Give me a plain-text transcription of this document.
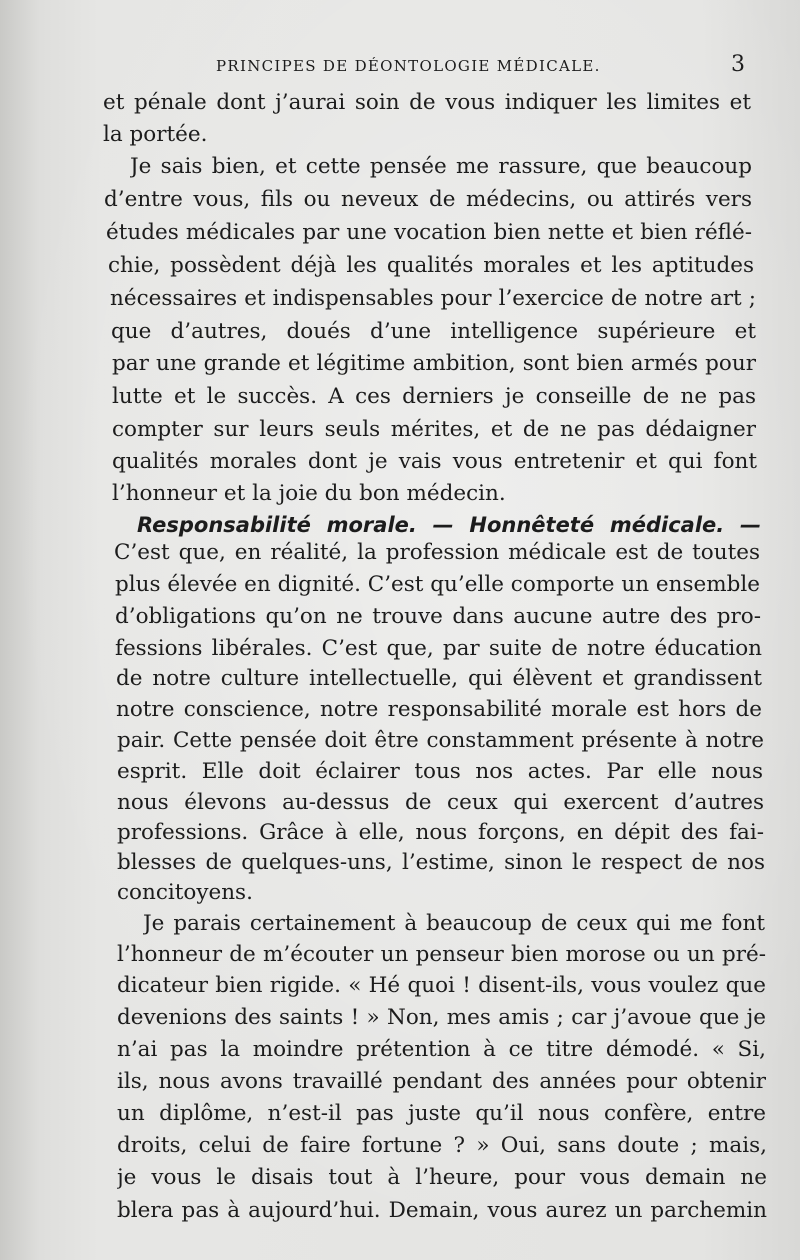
PRINCIPES DE DÉONTOLOGIE MÉDICALE.	3
et pénale dont j’aurai soin de vous indiquer les limites et
la portée.
Je sais bien, et cette pensée me rassure, que beaucoup
d’entre vous, fils ou neveux de médecins, ou attirés vers
études médicales par une vocation bien nette et bien réflé-
chie, possèdent déjà les qualités morales et les aptitudes
nécessaires et indispensables pour l’exercice de notre art ;
que d’autres, doués d’une intelligence supérieure et
par une grande et légitime ambition, sont bien armés pour
lutte et le succès. A ces derniers je conseille de ne pas
compter sur leurs seuls mérites, et de ne pas dédaigner
qualités morales dont je vais vous entretenir et qui font
l’honneur et la joie du bon médecin.
Responsabilité morale. — Honnêteté médicale. —
C’est que, en réalité, la profession médicale est de toutes
plus élevée en dignité. C’est qu’elle comporte un ensemble
d’obligations qu’on ne trouve dans aucune autre des pro-
fessions libérales. C’est que, par suite de notre éducation
de notre culture intellectuelle, qui élèvent et grandissent
notre conscience, notre responsabilité morale est hors de
pair. Cette pensée doit être constamment présente à notre
esprit. Elle doit éclairer tous nos actes. Par elle nous
nous élevons au-dessus de ceux qui exercent d’autres
professions. Grâce à elle, nous forçons, en dépit des fai-
blesses de quelques-uns, l’estime, sinon le respect de nos
concitoyens.
Je parais certainement à beaucoup de ceux qui me font
l’honneur de m’écouter un penseur bien morose ou un pré-
dicateur bien rigide. « Hé quoi ! disent-ils, vous voulez que
devenions des saints ! » Non, mes amis ; car j’avoue que je
n’ai pas la moindre prétention à ce titre démodé. « Si,
ils, nous avons travaillé pendant des années pour obtenir
un diplôme, n’est-il pas juste qu’il nous confère, entre
droits, celui de faire fortune ? » Oui, sans doute ; mais,
je vous le disais tout à l’heure, pour vous demain ne
blera pas à aujourd’hui. Demain, vous aurez un parchemin
